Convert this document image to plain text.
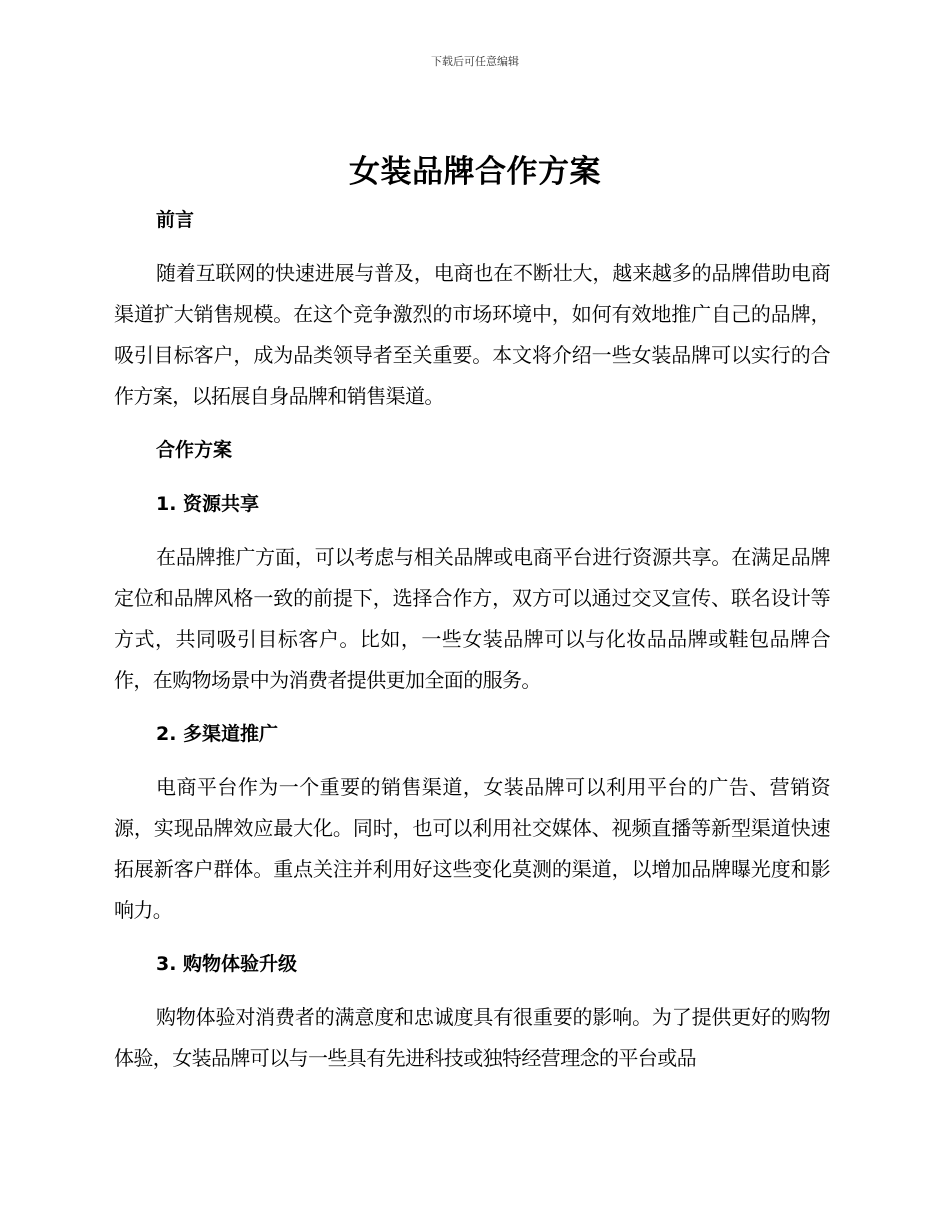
下载后可任意编辑
女装品牌合作方案

前言

随着互联网的快速进展与普及，电商也在不断壮大，越来越多的品牌借助电商渠道扩大销售规模。在这个竞争激烈的市场环境中，如何有效地推广自己的品牌，吸引目标客户，成为品类领导者至关重要。本文将介绍一些女装品牌可以实行的合作方案，以拓展自身品牌和销售渠道。

合作方案

1. 资源共享

在品牌推广方面，可以考虑与相关品牌或电商平台进行资源共享。在满足品牌定位和品牌风格一致的前提下，选择合作方，双方可以通过交叉宣传、联名设计等方式，共同吸引目标客户。比如，一些女装品牌可以与化妆品品牌或鞋包品牌合作，在购物场景中为消费者提供更加全面的服务。

2. 多渠道推广

电商平台作为一个重要的销售渠道，女装品牌可以利用平台的广告、营销资源，实现品牌效应最大化。同时，也可以利用社交媒体、视频直播等新型渠道快速拓展新客户群体。重点关注并利用好这些变化莫测的渠道，以增加品牌曝光度和影响力。

3. 购物体验升级

购物体验对消费者的满意度和忠诚度具有很重要的影响。为了提供更好的购物体验，女装品牌可以与一些具有先进科技或独特经营理念的平台或品
